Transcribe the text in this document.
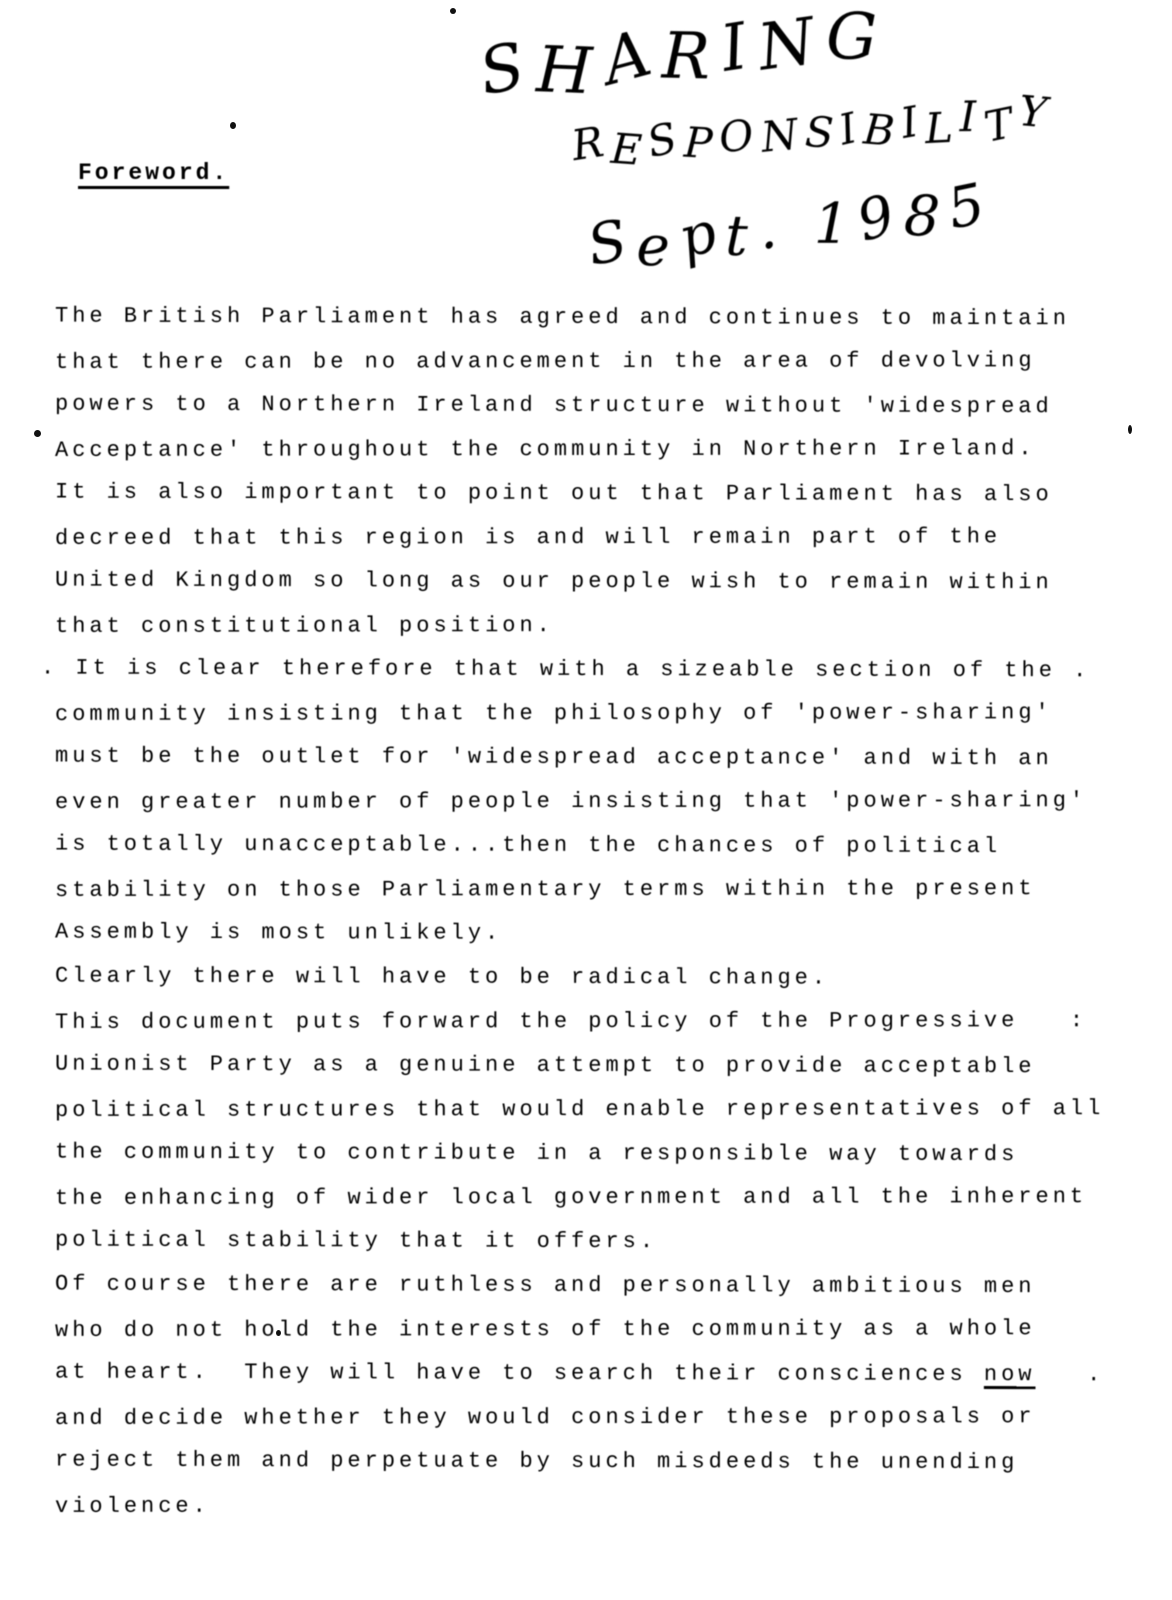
SHARING
RESPONSIBILITY
Sept. 1985
Foreword.
The British Parliament has agreed and continues to maintain
that there can be no advancement in the area of devolving
powers to a Northern Ireland structure without 'widespread
Acceptance' throughout the community in Northern Ireland.
It is also important to point out that Parliament has also
decreed that this region is and will remain part of the
United Kingdom so long as our people wish to remain within
that constitutional position.
. It is clear therefore that with a sizeable section of the .
community insisting that the philosophy of 'power-sharing'
must be the outlet for 'widespread acceptance' and with an
even greater number of people insisting that 'power-sharing'
is totally unacceptable...then the chances of political
stability on those Parliamentary terms within the present
Assembly is most unlikely.
Clearly there will have to be radical change.
This document puts forward the policy of the Progressive   :
Unionist Party as a genuine attempt to provide acceptable
political structures that would enable representatives of all
the community to contribute in a responsible way towards
the enhancing of wider local government and all the inherent
political stability that it offers.
Of course there are ruthless and personally ambitious men
who do not hold the interests of the community as a whole
at heart.  They will have to search their consciences now   .
and decide whether they would consider these proposals or
reject them and perpetuate by such misdeeds the unending
violence.
